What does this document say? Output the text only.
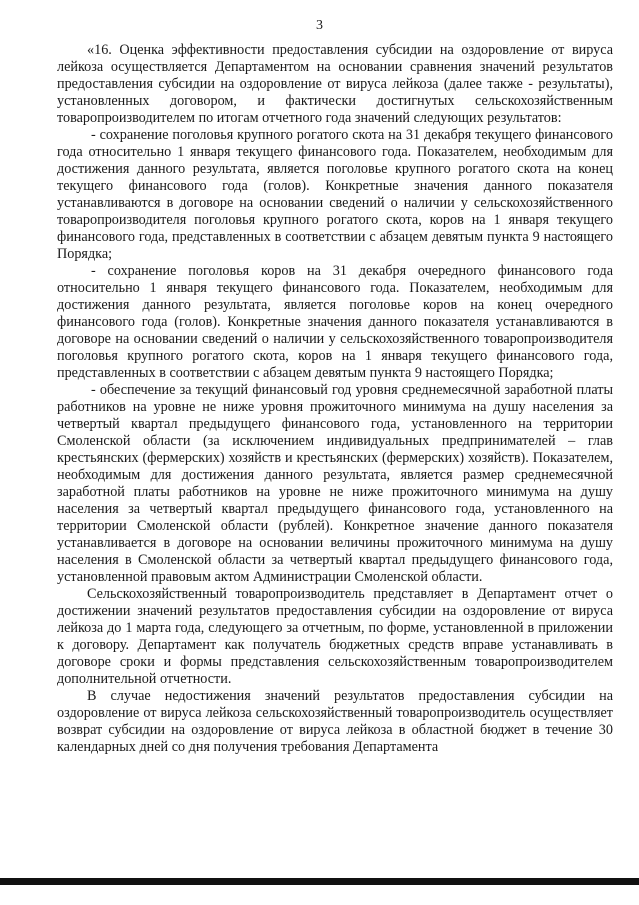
3

«16. Оценка эффективности предоставления субсидии на оздоровление от вируса лейкоза осуществляется Департаментом на основании сравнения значений результатов предоставления субсидии на оздоровление от вируса лейкоза (далее также - результаты), установленных договором, и фактически достигнутых сельскохозяйственным товаропроизводителем по итогам отчетного года значений следующих результатов:

- сохранение поголовья крупного рогатого скота на 31 декабря текущего финансового года относительно 1 января текущего финансового года. Показателем, необходимым для достижения данного результата, является поголовье крупного рогатого скота на конец текущего финансового года (голов). Конкретные значения данного показателя устанавливаются в договоре на основании сведений о наличии у сельскохозяйственного товаропроизводителя поголовья крупного рогатого скота, коров на 1 января текущего финансового года, представленных в соответствии с абзацем девятым пункта 9 настоящего Порядка;

- сохранение поголовья коров на 31 декабря очередного финансового года относительно 1 января текущего финансового года. Показателем, необходимым для достижения данного результата, является поголовье коров на конец очередного финансового года (голов). Конкретные значения данного показателя устанавливаются в договоре на основании сведений о наличии у сельскохозяйственного товаропроизводителя поголовья крупного рогатого скота, коров на 1 января текущего финансового года, представленных в соответствии с абзацем девятым пункта 9 настоящего Порядка;

- обеспечение за текущий финансовый год уровня среднемесячной заработной платы работников на уровне не ниже уровня прожиточного минимума на душу населения за четвертый квартал предыдущего финансового года, установленного на территории Смоленской области (за исключением индивидуальных предпринимателей – глав крестьянских (фермерских) хозяйств и крестьянских (фермерских) хозяйств). Показателем, необходимым для достижения данного результата, является размер среднемесячной заработной платы работников на уровне не ниже прожиточного минимума на душу населения за четвертый квартал предыдущего финансового года, установленного на территории Смоленской области (рублей). Конкретное значение данного показателя устанавливается в договоре на основании величины прожиточного минимума на душу населения в Смоленской области за четвертый квартал предыдущего финансового года, установленной правовым актом Администрации Смоленской области.

Сельскохозяйственный товаропроизводитель представляет в Департамент отчет о достижении значений результатов предоставления субсидии на оздоровление от вируса лейкоза до 1 марта года, следующего за отчетным, по форме, установленной в приложении к договору. Департамент как получатель бюджетных средств вправе устанавливать в договоре сроки и формы представления сельскохозяйственным товаропроизводителем дополнительной отчетности.

В случае недостижения значений результатов предоставления субсидии на оздоровление от вируса лейкоза сельскохозяйственный товаропроизводитель осуществляет возврат субсидии на оздоровление от вируса лейкоза в областной бюджет в течение 30 календарных дней со дня получения требования Департамента
